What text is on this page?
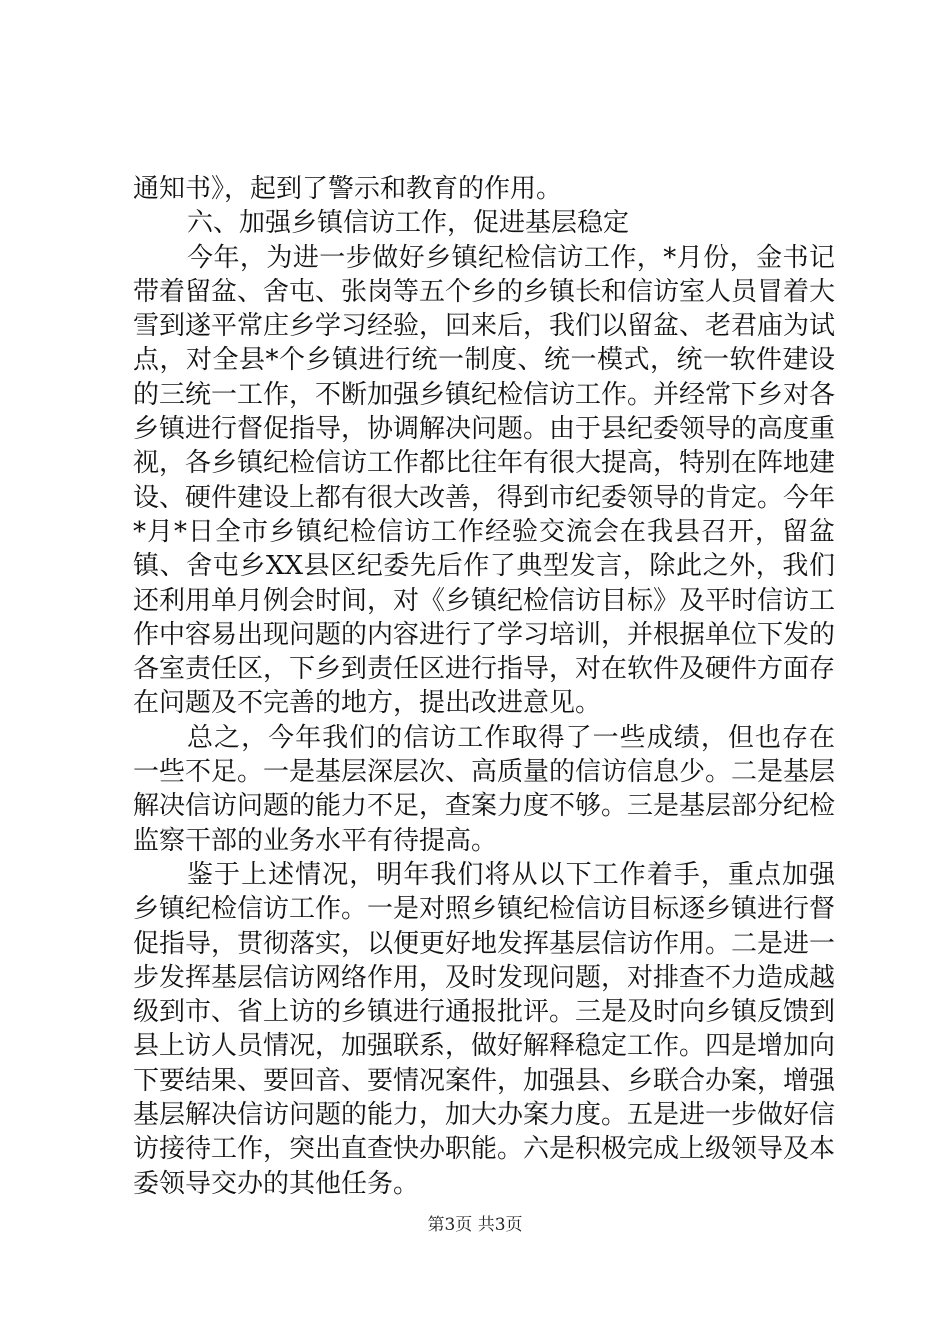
通知书》，起到了警示和教育的作用。

六、加强乡镇信访工作，促进基层稳定

今年，为进一步做好乡镇纪检信访工作，*月份，金书记带着留盆、舍屯、张岗等五个乡的乡镇长和信访室人员冒着大雪到遂平常庄乡学习经验，回来后，我们以留盆、老君庙为试点，对全县*个乡镇进行统一制度、统一模式，统一软件建设的三统一工作，不断加强乡镇纪检信访工作。并经常下乡对各乡镇进行督促指导，协调解决问题。由于县纪委领导的高度重视，各乡镇纪检信访工作都比往年有很大提高，特别在阵地建设、硬件建设上都有很大改善，得到市纪委领导的肯定。今年*月*日全市乡镇纪检信访工作经验交流会在我县召开，留盆镇、舍屯乡XX县区纪委先后作了典型发言，除此之外，我们还利用单月例会时间，对《乡镇纪检信访目标》及平时信访工作中容易出现问题的内容进行了学习培训，并根据单位下发的各室责任区，下乡到责任区进行指导，对在软件及硬件方面存在问题及不完善的地方，提出改进意见。

总之，今年我们的信访工作取得了一些成绩，但也存在一些不足。一是基层深层次、高质量的信访信息少。二是基层解决信访问题的能力不足，查案力度不够。三是基层部分纪检监察干部的业务水平有待提高。

鉴于上述情况，明年我们将从以下工作着手，重点加强乡镇纪检信访工作。一是对照乡镇纪检信访目标逐乡镇进行督促指导，贯彻落实，以便更好地发挥基层信访作用。二是进一步发挥基层信访网络作用，及时发现问题，对排查不力造成越级到市、省上访的乡镇进行通报批评。三是及时向乡镇反馈到县上访人员情况，加强联系，做好解释稳定工作。四是增加向下要结果、要回音、要情况案件，加强县、乡联合办案，增强基层解决信访问题的能力，加大办案力度。五是进一步做好信访接待工作，突出直查快办职能。六是积极完成上级领导及本委领导交办的其他任务。

第3页 共3页
